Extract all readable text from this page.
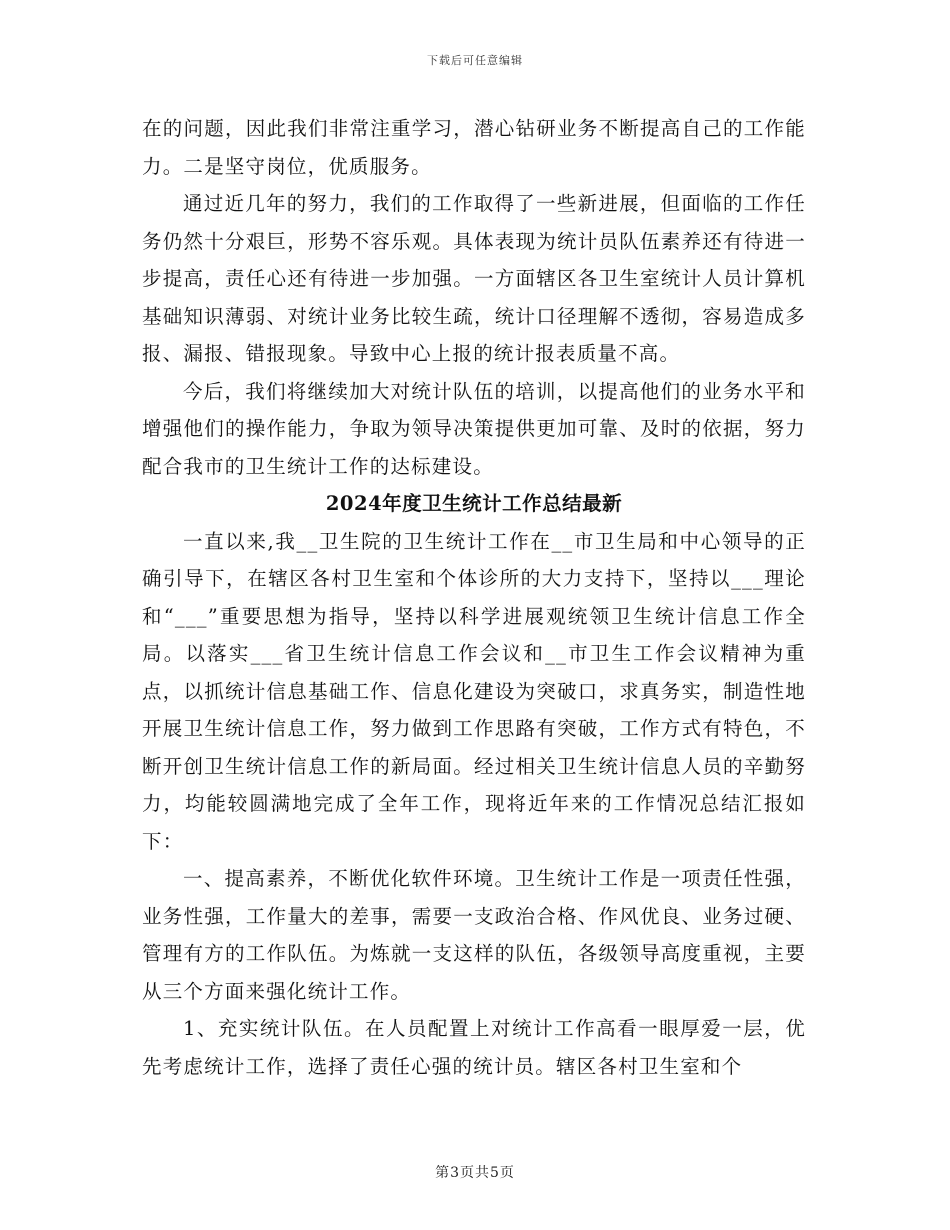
下载后可任意编辑

在的问题，因此我们非常注重学习，潜心钻研业务不断提高自己的工作能力。二是坚守岗位，优质服务。

通过近几年的努力，我们的工作取得了一些新进展，但面临的工作任务仍然十分艰巨，形势不容乐观。具体表现为统计员队伍素养还有待进一步提高，责任心还有待进一步加强。一方面辖区各卫生室统计人员计算机基础知识薄弱、对统计业务比较生疏，统计口径理解不透彻，容易造成多报、漏报、错报现象。导致中心上报的统计报表质量不高。

今后，我们将继续加大对统计队伍的培训，以提高他们的业务水平和增强他们的操作能力，争取为领导决策提供更加可靠、及时的依据，努力配合我市的卫生统计工作的达标建设。

2024年度卫生统计工作总结最新

一直以来,我__卫生院的卫生统计工作在__市卫生局和中心领导的正确引导下，在辖区各村卫生室和个体诊所的大力支持下，坚持以___理论和“___”重要思想为指导，坚持以科学进展观统领卫生统计信息工作全局。以落实___省卫生统计信息工作会议和__市卫生工作会议精神为重点，以抓统计信息基础工作、信息化建设为突破口，求真务实，制造性地开展卫生统计信息工作，努力做到工作思路有突破，工作方式有特色，不断开创卫生统计信息工作的新局面。经过相关卫生统计信息人员的辛勤努力，均能较圆满地完成了全年工作，现将近年来的工作情况总结汇报如下：

一、提高素养，不断优化软件环境。卫生统计工作是一项责任性强，业务性强，工作量大的差事，需要一支政治合格、作风优良、业务过硬、管理有方的工作队伍。为炼就一支这样的队伍，各级领导高度重视，主要从三个方面来强化统计工作。

1、充实统计队伍。在人员配置上对统计工作高看一眼厚爱一层，优先考虑统计工作，选择了责任心强的统计员。辖区各村卫生室和个

第3页共5页
